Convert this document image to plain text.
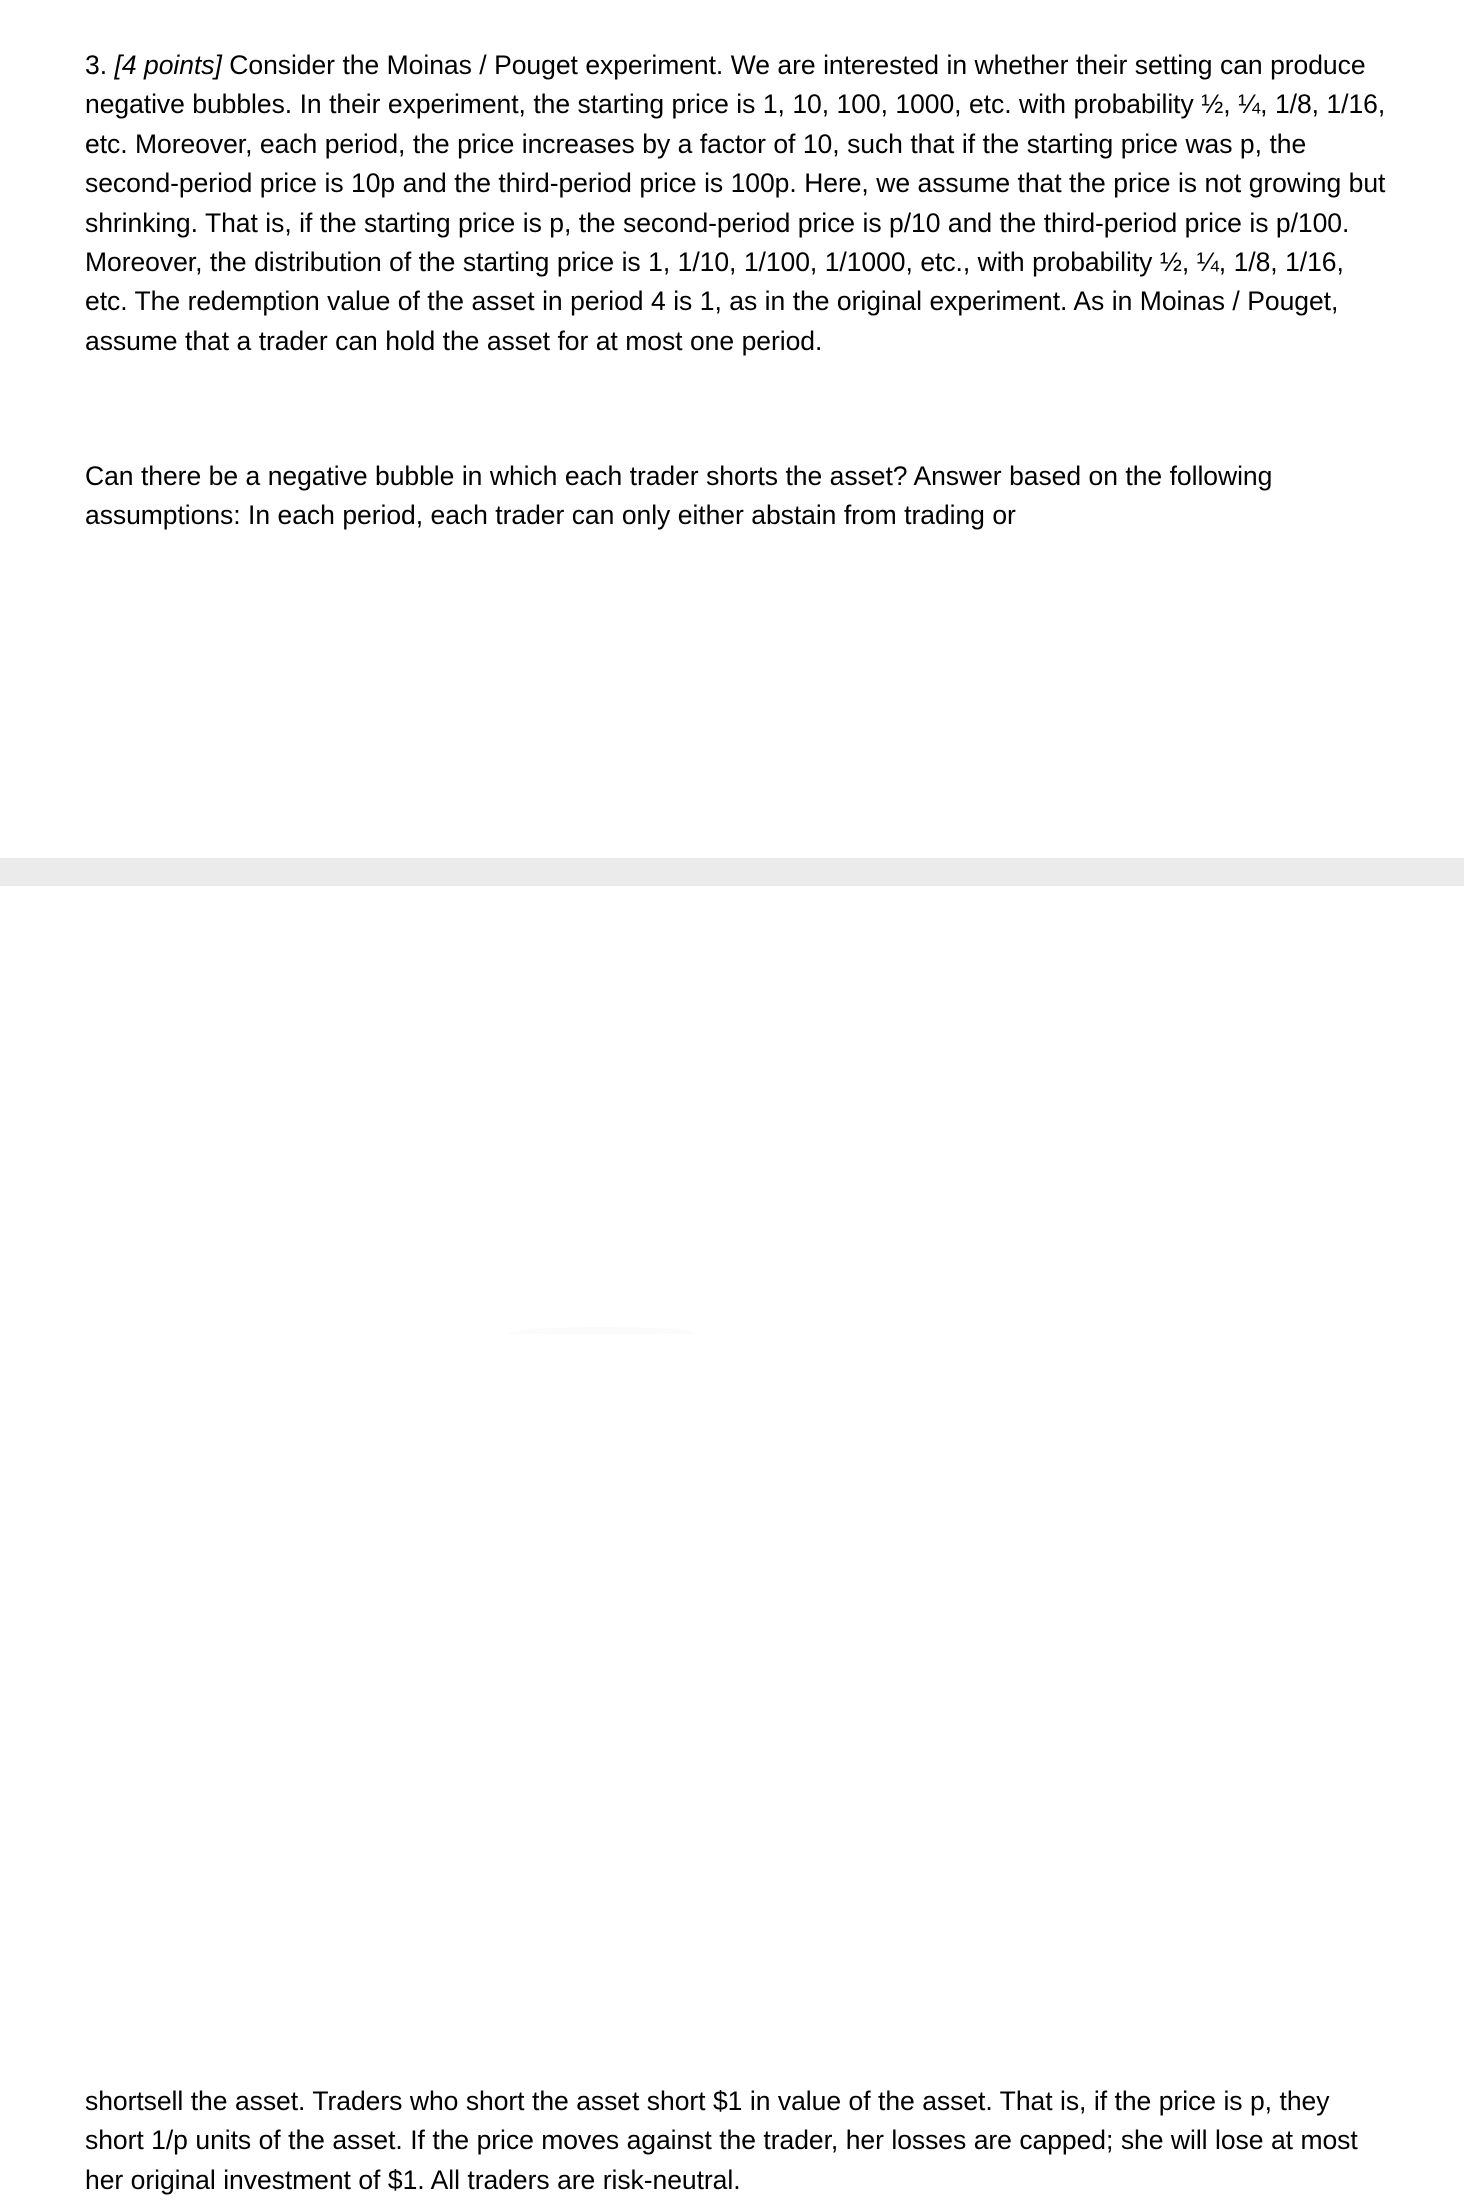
3. [4 points] Consider the Moinas / Pouget experiment. We are interested in whether their setting can produce negative bubbles. In their experiment, the starting price is 1, 10, 100, 1000, etc. with probability ½, ¼, 1/8, 1/16, etc. Moreover, each period, the price increases by a factor of 10, such that if the starting price was p, the second-period price is 10p and the third-period price is 100p. Here, we assume that the price is not growing but shrinking. That is, if the starting price is p, the second-period price is p/10 and the third-period price is p/100. Moreover, the distribution of the starting price is 1, 1/10, 1/100, 1/1000, etc., with probability ½, ¼, 1/8, 1/16, etc. The redemption value of the asset in period 4 is 1, as in the original experiment. As in Moinas / Pouget, assume that a trader can hold the asset for at most one period.
Can there be a negative bubble in which each trader shorts the asset? Answer based on the following assumptions: In each period, each trader can only either abstain from trading or
shortsell the asset. Traders who short the asset short $1 in value of the asset. That is, if the price is p, they short 1/p units of the asset. If the price moves against the trader, her losses are capped; she will lose at most her original investment of $1. All traders are risk-neutral.
